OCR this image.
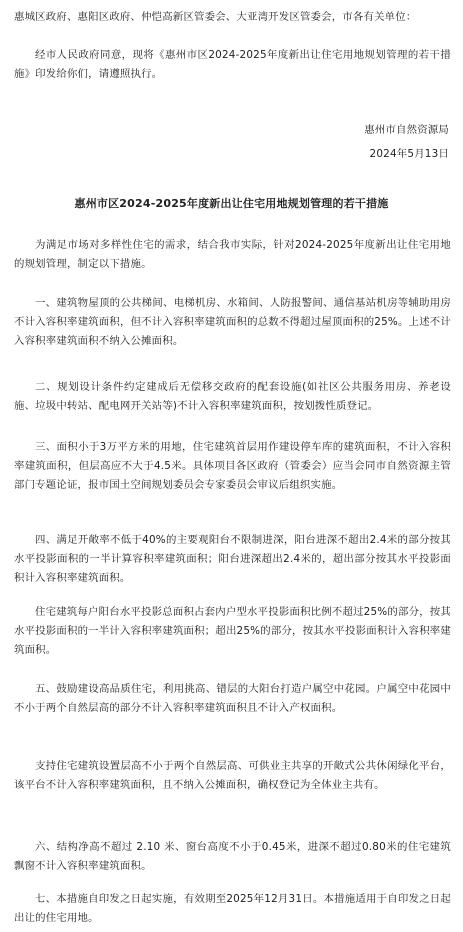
惠城区政府、惠阳区政府、仲恺高新区管委会、大亚湾开发区管委会，市各有关单位：
经市人民政府同意，现将《惠州市区2024-2025年度新出让住宅用地规划管理的若干措施》印发给你们，请遵照执行。
惠州市自然资源局
2024年5月13日
惠州市区2024-2025年度新出让住宅用地规划管理的若干措施
为满足市场对多样性住宅的需求，结合我市实际，针对2024-2025年度新出让住宅用地的规划管理，制定以下措施。
一、建筑物屋顶的公共梯间、电梯机房、水箱间、人防报警间、通信基站机房等辅助用房不计入容积率建筑面积，但不计入容积率建筑面积的总数不得超过屋顶面积的25%。上述不计入容积率建筑面积不纳入公摊面积。
二、规划设计条件约定建成后无偿移交政府的配套设施(如社区公共服务用房、养老设施、垃圾中转站、配电网开关站等)不计入容积率建筑面积，按划拨性质登记。
三、面积小于3万平方米的用地，住宅建筑首层用作建设停车库的建筑面积，不计入容积率建筑面积，但层高应不大于4.5米。具体项目各区政府（管委会）应当会同市自然资源主管部门专题论证，报市国土空间规划委员会专家委员会审议后组织实施。
四、满足开敞率不低于40%的主要观阳台不限制进深，阳台进深不超出2.4米的部分按其水平投影面积的一半计算容积率建筑面积；阳台进深超出2.4米的，超出部分按其水平投影面积计入容积率建筑面积。
住宅建筑每户阳台水平投影总面积占套内户型水平投影面积比例不超过25%的部分，按其水平投影面积的一半计入容积率建筑面积；超出25%的部分，按其水平投影面积计入容积率建筑面积。
五、鼓励建设高品质住宅，利用挑高、错层的大阳台打造户属空中花园。户属空中花园中不小于两个自然层高的部分不计入容积率建筑面积且不计入产权面积。
支持住宅建筑设置层高不小于两个自然层高、可供业主共享的开敞式公共休闲绿化平台，该平台不计入容积率建筑面积，且不纳入公摊面积，确权登记为全体业主共有。
六、结构净高不超过 2.10 米、窗台高度不小于0.45米，进深不超过0.80米的住宅建筑飘窗不计入容积率建筑面积。
七、本措施自印发之日起实施，有效期至2025年12月31日。本措施适用于自印发之日起出让的住宅用地。
